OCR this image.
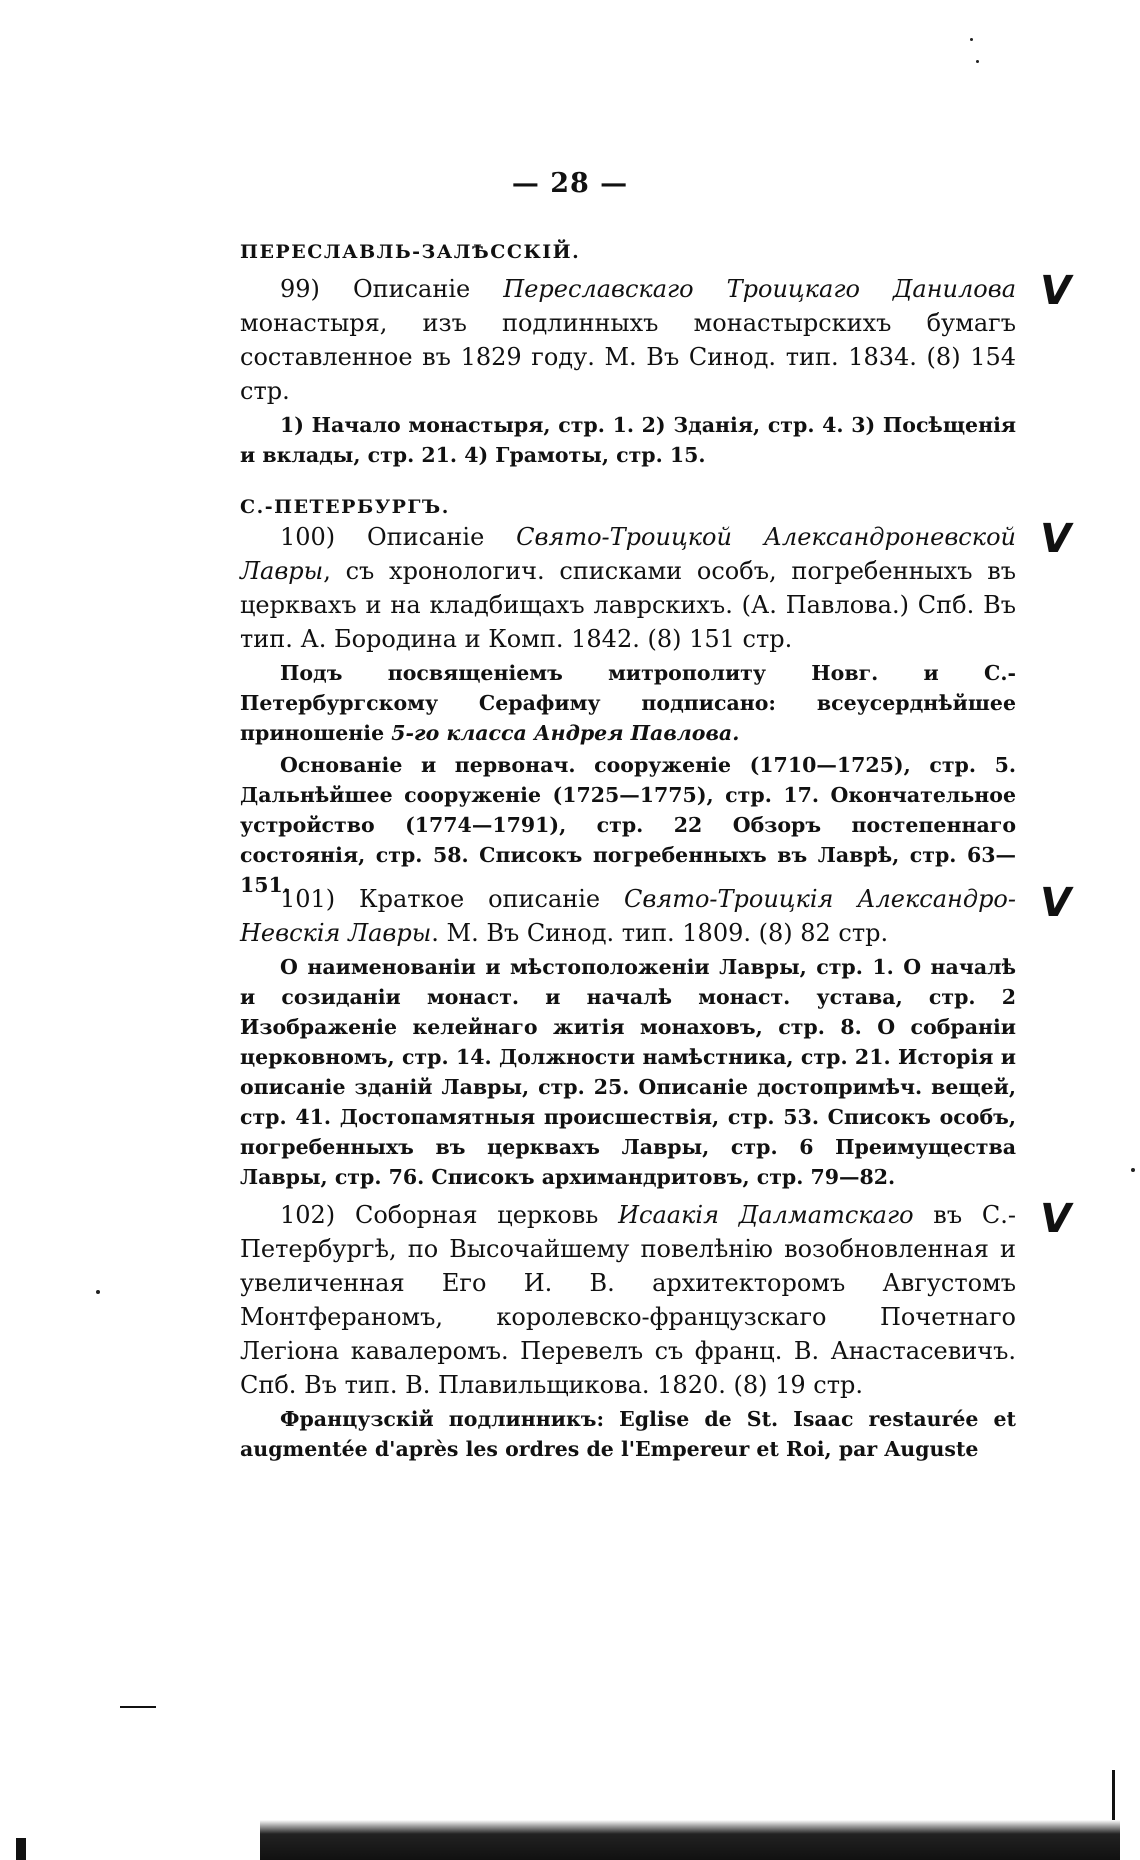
— 28 —
ПЕРЕСЛАВЛЬ-ЗАЛѢССКІЙ.
99) Описаніе Переславскаго Троицкаго Данилова монастыря, изъ подлинныхъ монастырскихъ бумагъ составленное въ 1829 году. М. Въ Синод. тип. 1834. (8) 154 стр.
1) Начало монастыря, стр. 1. 2) Зданія, стр. 4. 3) Посѣщенія и вклады, стр. 21. 4) Грамоты, стр. 15.
V
С.-ПЕТЕРБУРГЪ.
100) Описаніе Свято-Троицкой Александроневской Лавры, съ хронологич. списками особъ, погребенныхъ въ церквахъ и на кладбищахъ лаврскихъ. (А. Павлова.) Спб. Въ тип. А. Бородина и Комп. 1842. (8) 151 стр.
Подъ посвященіемъ митрополиту Новг. и С.-Петербургскому Серафиму подписано: всеусерднѣйшее приношеніе 5-го класса Андрея Павлова.
Основаніе и первонач. сооруженіе (1710—1725), стр. 5. Дальнѣйшее сооруженіе (1725—1775), стр. 17. Окончательное устройство (1774—1791), стр. 22 Обзоръ постепеннаго состоянія, стр. 58. Списокъ погребенныхъ въ Лаврѣ, стр. 63—151.
V
101) Краткое описаніе Свято-Троицкія Александро-Невскія Лавры. М. Въ Синод. тип. 1809. (8) 82 стр.
О наименованіи и мѣстоположеніи Лавры, стр. 1. О началѣ и созиданіи монаст. и началѣ монаст. устава, стр. 2 Изображеніе келейнаго житія монаховъ, стр. 8. О собраніи церковномъ, стр. 14. Должности намѣстника, стр. 21. Исторія и описаніе зданій Лавры, стр. 25. Описаніе достопримѣч. вещей, стр. 41. Достопамятныя происшествія, стр. 53. Списокъ особъ, погребенныхъ въ церквахъ Лавры, стр. 6 Преимущества Лавры, стр. 76. Списокъ архимандритовъ, стр. 79—82.
V
102) Соборная церковь Исаакія Далматскаго въ С.-Петербургѣ, по Высочайшему повелѣнію возобновленная и увеличенная Его И. В. архитекторомъ Августомъ Монтфераномъ, королевско-французскаго Почетнаго Легіона кавалеромъ. Перевелъ съ франц. В. Анастасевичъ. Спб. Въ тип. В. Плавильщикова. 1820. (8) 19 стр.
Французскій подлинникъ: Eglise de St. Isaac restaurée et augmentée d'après les ordres de l'Empereur et Roi, par Auguste
V
